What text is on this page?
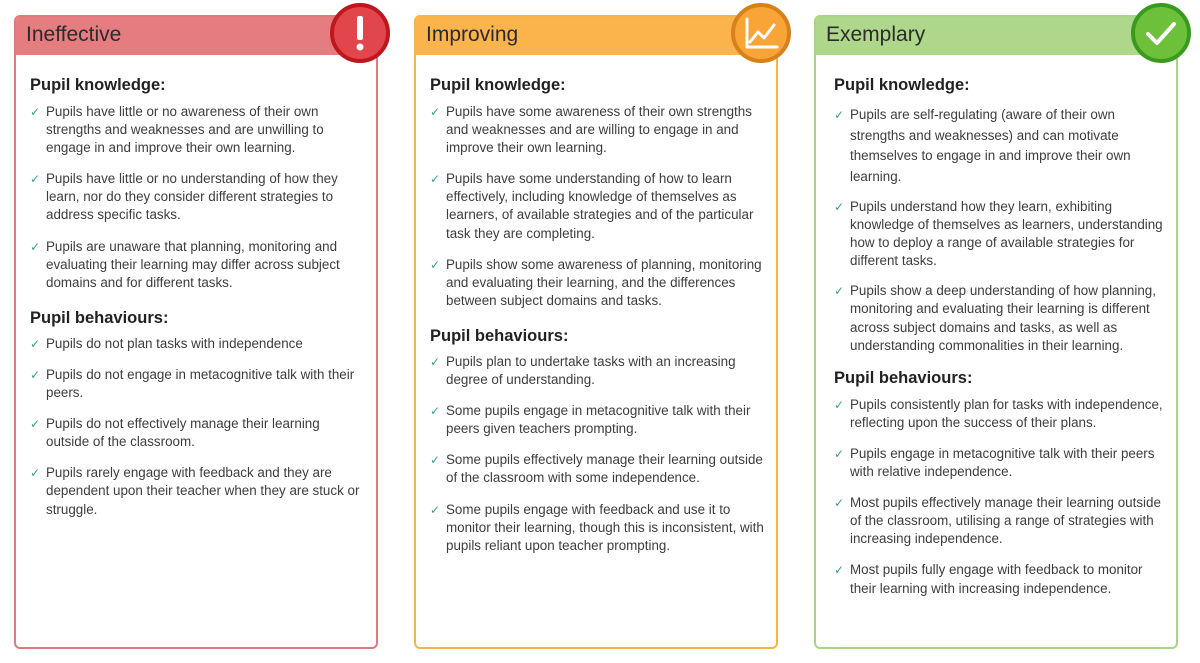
Ineffective
Pupil knowledge:
✓ Pupils have little or no awareness of their own strengths and weaknesses and are unwilling to engage in and improve their own learning.
✓ Pupils have little or no understanding of how they learn, nor do they consider different strategies to address specific tasks.
✓ Pupils are unaware that planning, monitoring and evaluating their learning may differ across subject domains and for different tasks.
Pupil behaviours:
✓ Pupils do not plan tasks with independence
✓ Pupils do not engage in metacognitive talk with their peers.
✓ Pupils do not effectively manage their learning outside of the classroom.
✓ Pupils rarely engage with feedback and they are dependent upon their teacher when they are stuck or struggle.
Improving
Pupil knowledge:
✓ Pupils have some awareness of their own strengths and weaknesses and are willing to engage in and improve their own learning.
✓ Pupils have some understanding of how to learn effectively, including knowledge of themselves as learners, of available strategies and of the particular task they are completing.
✓ Pupils show some awareness of planning, monitoring and evaluating their learning, and the differences between subject domains and tasks.
Pupil behaviours:
✓ Pupils plan to undertake tasks with an increasing degree of understanding.
✓ Some pupils engage in metacognitive talk with their peers given teachers prompting.
✓ Some pupils effectively manage their learning outside of the classroom with some independence.
✓ Some pupils engage with feedback and use it to monitor their learning, though this is inconsistent, with pupils reliant upon teacher prompting.
Exemplary
Pupil knowledge:
✓ Pupils are self-regulating (aware of their own strengths and weaknesses) and can motivate themselves to engage in and improve their own learning.
✓ Pupils understand how they learn, exhibiting knowledge of themselves as learners, understanding how to deploy a range of available strategies for different tasks.
✓ Pupils show a deep understanding of how planning, monitoring and evaluating their learning is different across subject domains and tasks, as well as understanding commonalities in their learning.
Pupil behaviours:
✓ Pupils consistently plan for tasks with independence, reflecting upon the success of their plans.
✓ Pupils engage in metacognitive talk with their peers with relative independence.
✓ Most pupils effectively manage their learning outside of the classroom, utilising a range of strategies with increasing independence.
✓ Most pupils fully engage with feedback to monitor their learning with increasing independence.
